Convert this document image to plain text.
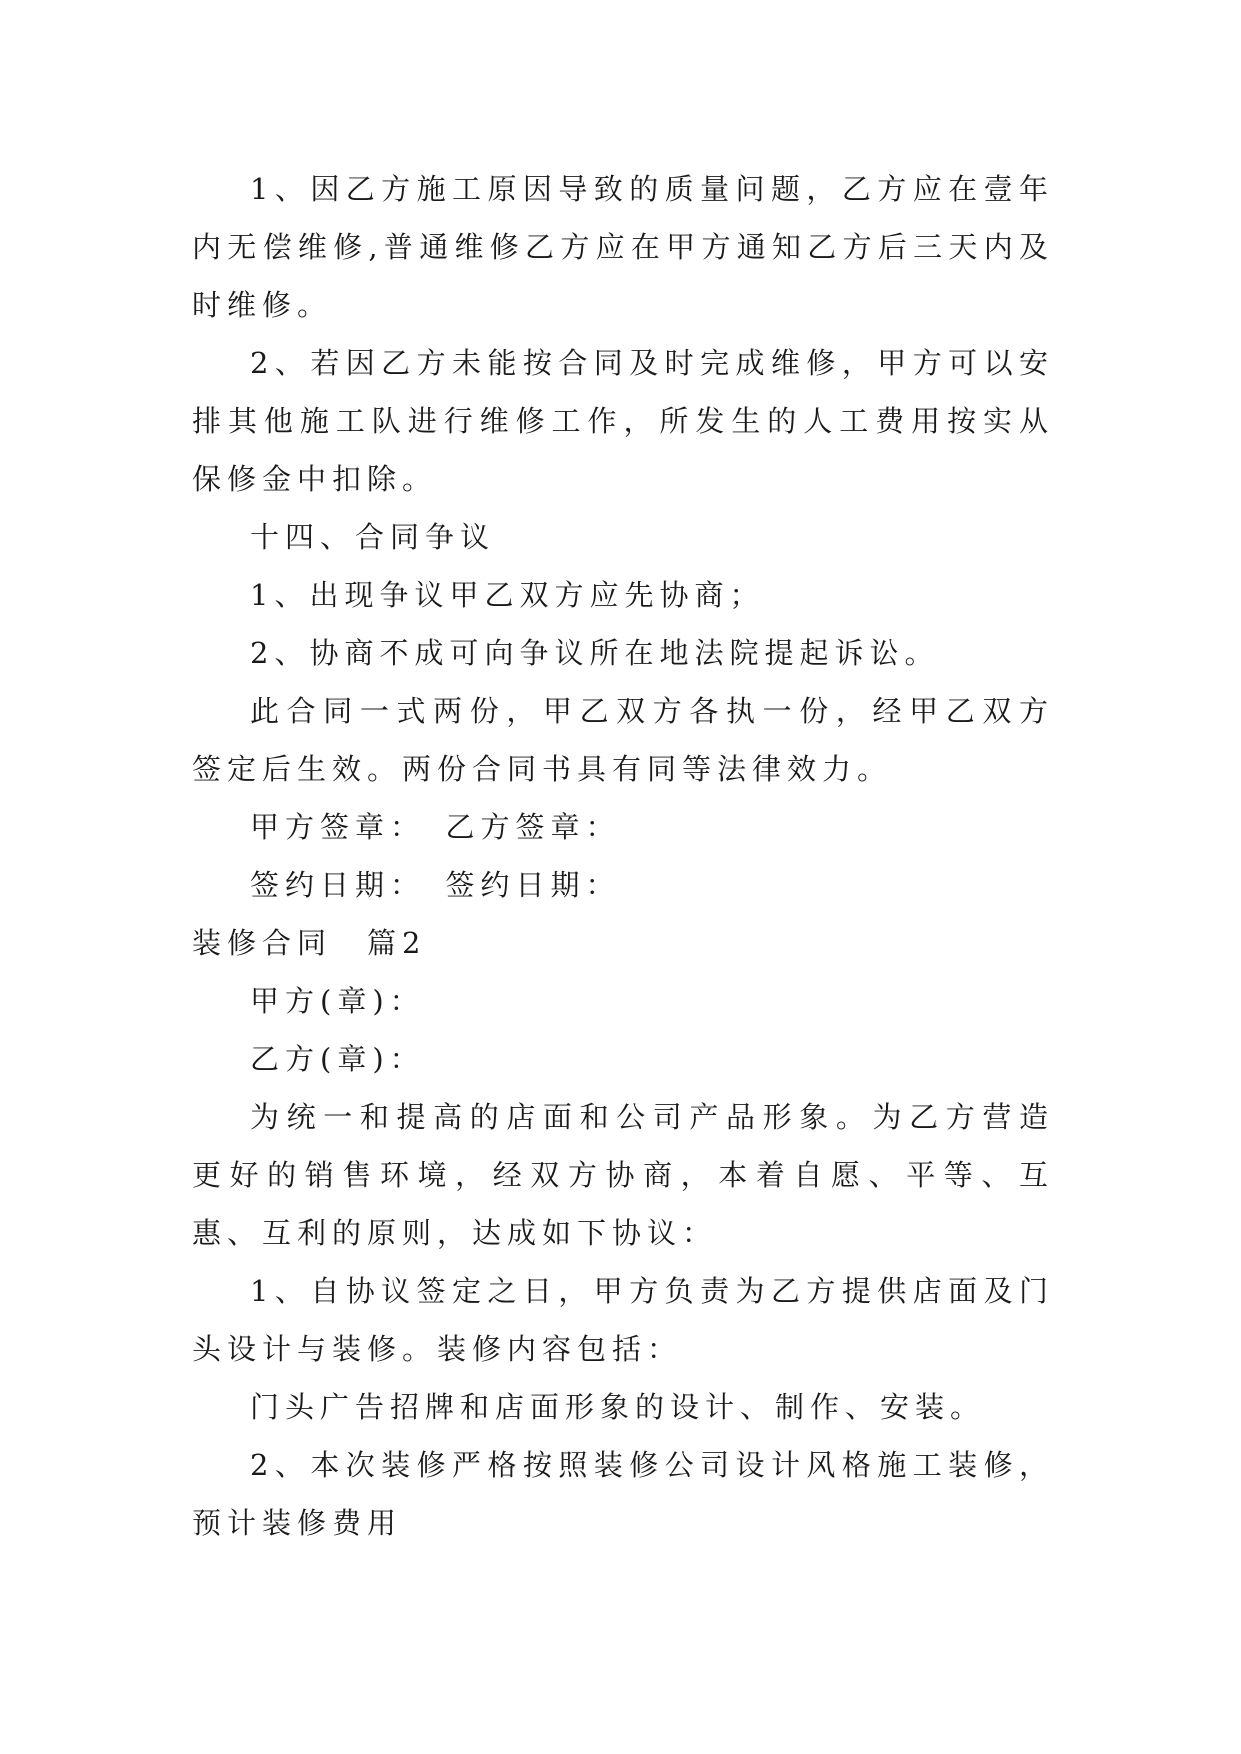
1、因乙方施工原因导致的质量问题，乙方应在壹年内无偿维修,普通维修乙方应在甲方通知乙方后三天内及时维修。

2、若因乙方未能按合同及时完成维修，甲方可以安排其他施工队进行维修工作，所发生的人工费用按实从保修金中扣除。

十四、合同争议

1、出现争议甲乙双方应先协商；

2、协商不成可向争议所在地法院提起诉讼。

此合同一式两份，甲乙双方各执一份，经甲乙双方签定后生效。两份合同书具有同等法律效力。

甲方签章：　乙方签章：

签约日期：　签约日期：

装修合同　篇2

甲方(章)：

乙方(章)：

为统一和提高的店面和公司产品形象。为乙方营造更好的销售环境，经双方协商，本着自愿、平等、互惠、互利的原则，达成如下协议：

1、自协议签定之日，甲方负责为乙方提供店面及门头设计与装修。装修内容包括：

门头广告招牌和店面形象的设计、制作、安装。

2、本次装修严格按照装修公司设计风格施工装修，预计装修费用
